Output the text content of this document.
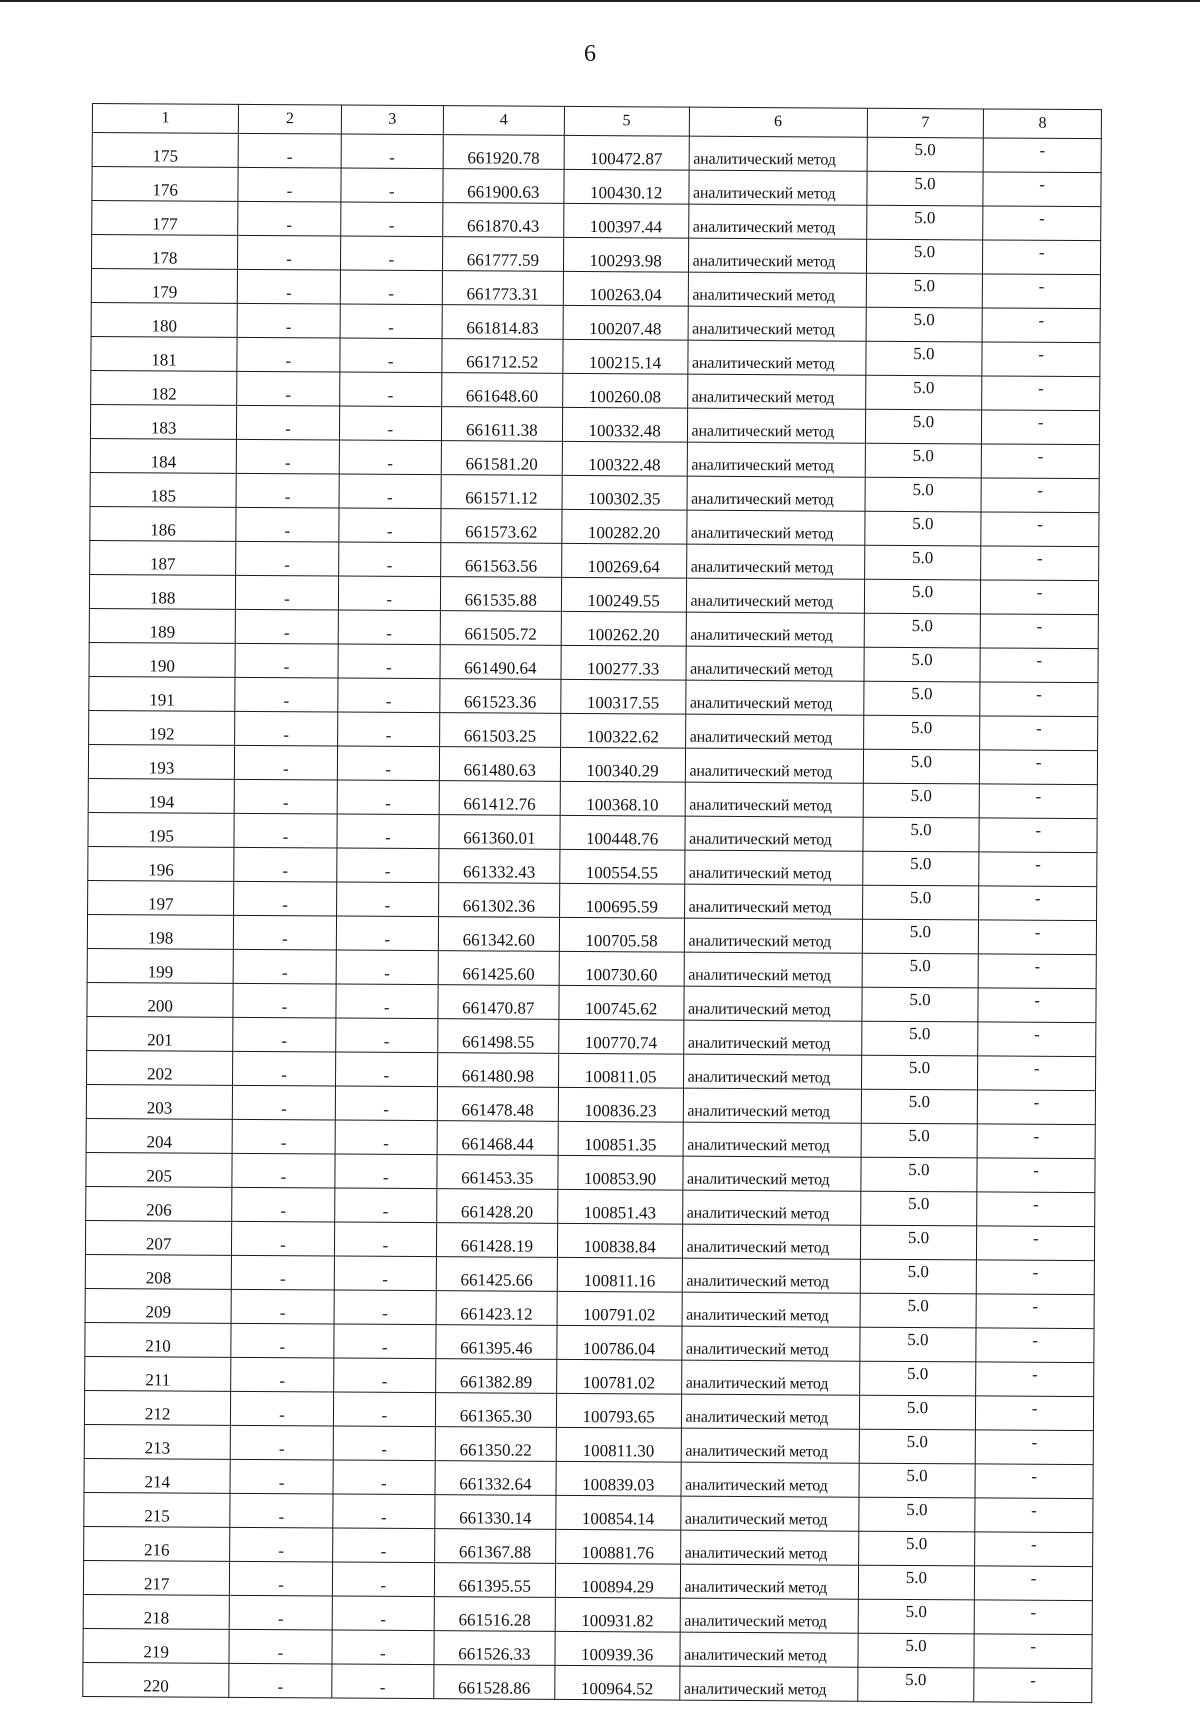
6
1	2	3	4	5	6	7	8
175	-	-	661920.78	100472.87	аналитический метод	5.0	-
176	-	-	661900.63	100430.12	аналитический метод	5.0	-
177	-	-	661870.43	100397.44	аналитический метод	5.0	-
178	-	-	661777.59	100293.98	аналитический метод	5.0	-
179	-	-	661773.31	100263.04	аналитический метод	5.0	-
180	-	-	661814.83	100207.48	аналитический метод	5.0	-
181	-	-	661712.52	100215.14	аналитический метод	5.0	-
182	-	-	661648.60	100260.08	аналитический метод	5.0	-
183	-	-	661611.38	100332.48	аналитический метод	5.0	-
184	-	-	661581.20	100322.48	аналитический метод	5.0	-
185	-	-	661571.12	100302.35	аналитический метод	5.0	-
186	-	-	661573.62	100282.20	аналитический метод	5.0	-
187	-	-	661563.56	100269.64	аналитический метод	5.0	-
188	-	-	661535.88	100249.55	аналитический метод	5.0	-
189	-	-	661505.72	100262.20	аналитический метод	5.0	-
190	-	-	661490.64	100277.33	аналитический метод	5.0	-
191	-	-	661523.36	100317.55	аналитический метод	5.0	-
192	-	-	661503.25	100322.62	аналитический метод	5.0	-
193	-	-	661480.63	100340.29	аналитический метод	5.0	-
194	-	-	661412.76	100368.10	аналитический метод	5.0	-
195	-	-	661360.01	100448.76	аналитический метод	5.0	-
196	-	-	661332.43	100554.55	аналитический метод	5.0	-
197	-	-	661302.36	100695.59	аналитический метод	5.0	-
198	-	-	661342.60	100705.58	аналитический метод	5.0	-
199	-	-	661425.60	100730.60	аналитический метод	5.0	-
200	-	-	661470.87	100745.62	аналитический метод	5.0	-
201	-	-	661498.55	100770.74	аналитический метод	5.0	-
202	-	-	661480.98	100811.05	аналитический метод	5.0	-
203	-	-	661478.48	100836.23	аналитический метод	5.0	-
204	-	-	661468.44	100851.35	аналитический метод	5.0	-
205	-	-	661453.35	100853.90	аналитический метод	5.0	-
206	-	-	661428.20	100851.43	аналитический метод	5.0	-
207	-	-	661428.19	100838.84	аналитический метод	5.0	-
208	-	-	661425.66	100811.16	аналитический метод	5.0	-
209	-	-	661423.12	100791.02	аналитический метод	5.0	-
210	-	-	661395.46	100786.04	аналитический метод	5.0	-
211	-	-	661382.89	100781.02	аналитический метод	5.0	-
212	-	-	661365.30	100793.65	аналитический метод	5.0	-
213	-	-	661350.22	100811.30	аналитический метод	5.0	-
214	-	-	661332.64	100839.03	аналитический метод	5.0	-
215	-	-	661330.14	100854.14	аналитический метод	5.0	-
216	-	-	661367.88	100881.76	аналитический метод	5.0	-
217	-	-	661395.55	100894.29	аналитический метод	5.0	-
218	-	-	661516.28	100931.82	аналитический метод	5.0	-
219	-	-	661526.33	100939.36	аналитический метод	5.0	-
220	-	-	661528.86	100964.52	аналитический метод	5.0	-
